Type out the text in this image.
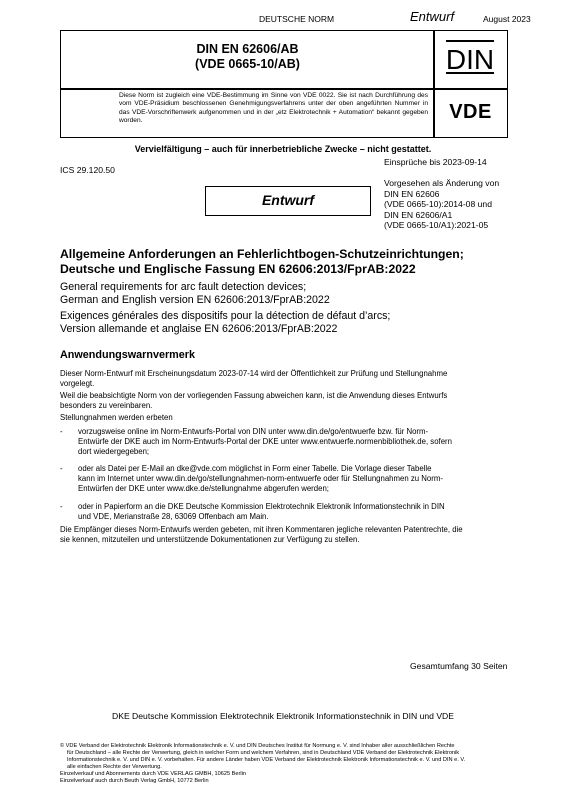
DEUTSCHE NORM	Entwurf	August 2023
DIN EN 62606/AB
(VDE 0665-10/AB)	DIN
Diese Norm ist zugleich eine VDE-Bestimmung im Sinne von VDE 0022. Sie ist nach Durchführung des vom VDE-Präsidium beschlossenen Genehmigungsverfahrens unter der oben angeführten Nummer in das VDE-Vorschriftenwerk aufgenommen und in der „etz Elektrotechnik + Automation“ bekannt gegeben worden.	VDE
Vervielfältigung – auch für innerbetriebliche Zwecke – nicht gestattet.
Einsprüche bis 2023-09-14
ICS 29.120.50
Entwurf
Vorgesehen als Änderung von
DIN EN 62606
(VDE 0665-10):2014-08 und
DIN EN 62606/A1
(VDE 0665-10/A1):2021-05
Allgemeine Anforderungen an Fehlerlichtbogen-Schutzeinrichtungen;
Deutsche und Englische Fassung EN 62606:2013/FprAB:2022
General requirements for arc fault detection devices;
German and English version EN 62606:2013/FprAB:2022
Exigences générales des dispositifs pour la détection de défaut d’arcs;
Version allemande et anglaise EN 62606:2013/FprAB:2022
Anwendungswarnvermerk
Dieser Norm-Entwurf mit Erscheinungsdatum 2023-07-14 wird der Öffentlichkeit zur Prüfung und Stellungnahme
vorgelegt.
Weil die beabsichtigte Norm von der vorliegenden Fassung abweichen kann, ist die Anwendung dieses Entwurfs
besonders zu vereinbaren.
Stellungnahmen werden erbeten
- vorzugsweise online im Norm-Entwurfs-Portal von DIN unter www.din.de/go/entwuerfe bzw. für Norm-
Entwürfe der DKE auch im Norm-Entwurfs-Portal der DKE unter www.entwuerfe.normenbibliothek.de, sofern
dort wiedergegeben;
- oder als Datei per E-Mail an dke@vde.com möglichst in Form einer Tabelle. Die Vorlage dieser Tabelle
kann im Internet unter www.din.de/go/stellungnahmen-norm-entwuerfe oder für Stellungnahmen zu Norm-
Entwürfen der DKE unter www.dke.de/stellungnahme abgerufen werden;
- oder in Papierform an die DKE Deutsche Kommission Elektrotechnik Elektronik Informationstechnik in DIN
und VDE, Merianstraße 28, 63069 Offenbach am Main.
Die Empfänger dieses Norm-Entwurfs werden gebeten, mit ihren Kommentaren jegliche relevanten Patentrechte, die
sie kennen, mitzuteilen und unterstützende Dokumentationen zur Verfügung zu stellen.
Gesamtumfang 30 Seiten
DKE Deutsche Kommission Elektrotechnik Elektronik Informationstechnik in DIN und VDE
© VDE Verband der Elektrotechnik Elektronik Informationstechnik e. V. und DIN Deutsches Institut für Normung e. V. sind Inhaber aller ausschließlichen Rechte
für Deutschland – alle Rechte der Verwertung, gleich in welcher Form und welchem Verfahren, sind in Deutschland VDE Verband der Elektrotechnik Elektronik
Informationstechnik e. V. und DIN e. V. vorbehalten. Für andere Länder haben VDE Verband der Elektrotechnik Elektronik Informationstechnik e. V. und DIN e. V.
alle einfachen Rechte der Verwertung.
Einzelverkauf und Abonnements durch VDE VERLAG GMBH, 10625 Berlin
Einzelverkauf auch durch Beuth Verlag GmbH, 10772 Berlin
